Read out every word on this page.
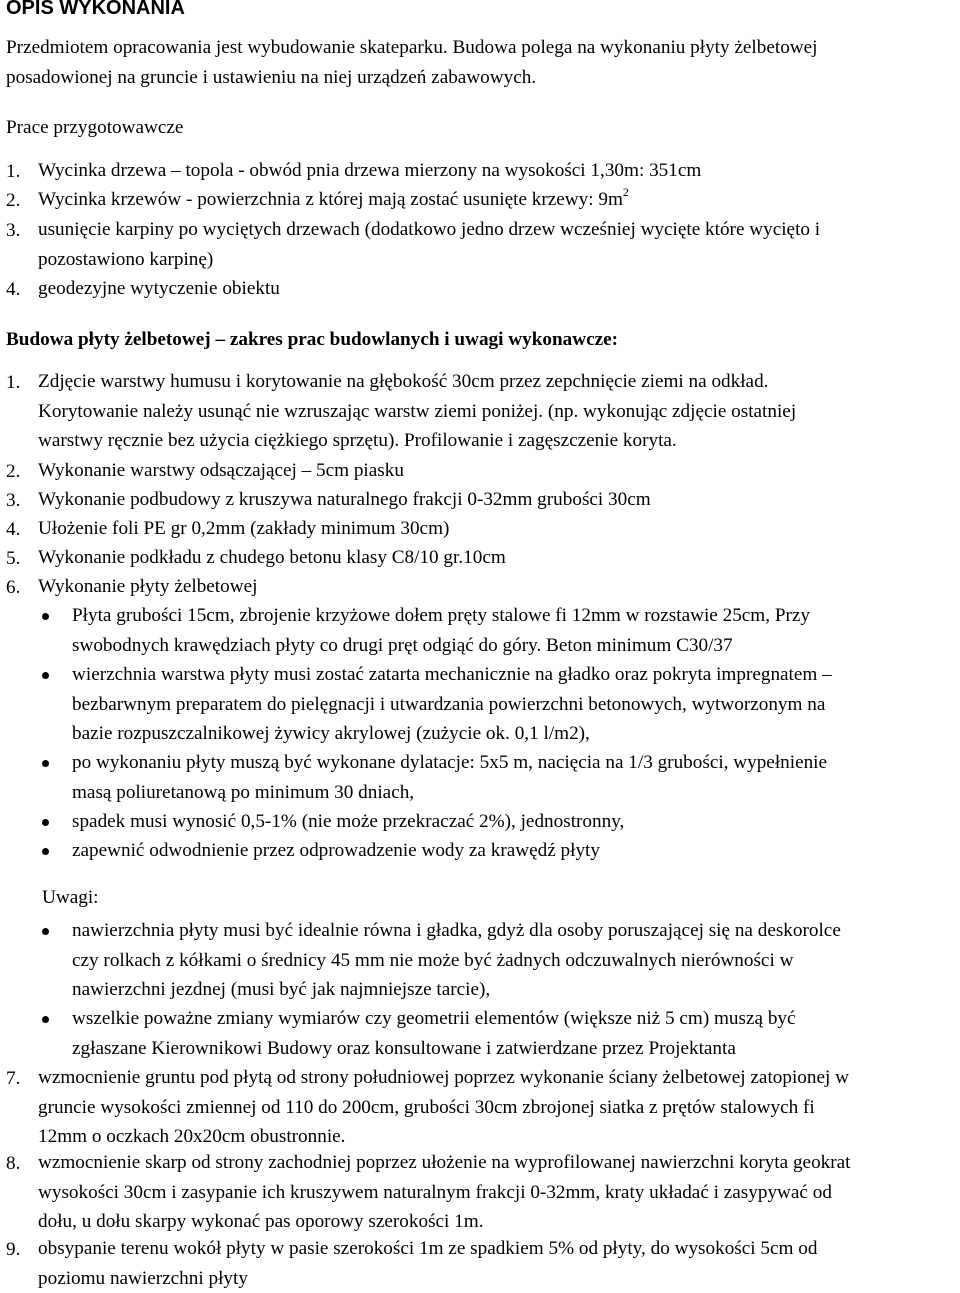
OPIS WYKONANIA
Przedmiotem opracowania jest wybudowanie skateparku. Budowa polega na wykonaniu płyty żelbetowej
posadowionej na gruncie i ustawieniu na niej urządzeń zabawowych.
Prace przygotowawcze
1. Wycinka drzewa – topola - obwód pnia drzewa mierzony na wysokości 1,30m: 351cm
2. Wycinka krzewów - powierzchnia z której mają zostać usunięte krzewy: $9m^2$
3. usunięcie karpiny po wyciętych drzewach (dodatkowo jedno drzew wcześniej wycięte które wycięto i
pozostawiono karpinę)
4. geodezyjne wytyczenie obiektu
Budowa płyty żelbetowej – zakres prac budowlanych i uwagi wykonawcze:
1. Zdjęcie warstwy humusu i korytowanie na głębokość 30cm przez zepchnięcie ziemi na odkład.
Korytowanie należy usunąć nie wzruszając warstw ziemi poniżej. (np. wykonując zdjęcie ostatniej
warstwy ręcznie bez użycia ciężkiego sprzętu). Profilowanie i zagęszczenie koryta.
2. Wykonanie warstwy odsączającej – 5cm piasku
3. Wykonanie podbudowy z kruszywa naturalnego frakcji 0-32mm grubości 30cm
4. Ułożenie foli PE gr 0,2mm (zakłady minimum 30cm)
5. Wykonanie podkładu z chudego betonu klasy C8/10 gr.10cm
6. Wykonanie płyty żelbetowej
Płyta grubości 15cm, zbrojenie krzyżowe dołem pręty stalowe fi 12mm w rozstawie 25cm, Przy
swobodnych krawędziach płyty co drugi pręt odgiąć do góry. Beton minimum C30/37
wierzchnia warstwa płyty musi zostać zatarta mechanicznie na gładko oraz pokryta impregnatem –
bezbarwnym preparatem do pielęgnacji i utwardzania powierzchni betonowych, wytworzonym na
bazie rozpuszczalnikowej żywicy akrylowej (zużycie ok. 0,1 l/m2),
po wykonaniu płyty muszą być wykonane dylatacje: 5x5 m, nacięcia na 1/3 grubości, wypełnienie
masą poliuretanową po minimum 30 dniach,
spadek musi wynosić 0,5-1% (nie może przekraczać 2%), jednostronny,
zapewnić odwodnienie przez odprowadzenie wody za krawędź płyty
Uwagi:
nawierzchnia płyty musi być idealnie równa i gładka, gdyż dla osoby poruszającej się na deskorolce
czy rolkach z kółkami o średnicy 45 mm nie może być żadnych odczuwalnych nierówności w
nawierzchni jezdnej (musi być jak najmniejsze tarcie),
wszelkie poważne zmiany wymiarów czy geometrii elementów (większe niż 5 cm) muszą być
zgłaszane Kierownikowi Budowy oraz konsultowane i zatwierdzane przez Projektanta
7. wzmocnienie gruntu pod płytą od strony południowej poprzez wykonanie ściany żelbetowej zatopionej w
gruncie wysokości zmiennej od 110 do 200cm, grubości 30cm zbrojonej siatka z prętów stalowych fi
12mm o oczkach 20x20cm obustronnie.
8. wzmocnienie skarp od strony zachodniej poprzez ułożenie na wyprofilowanej nawierzchni koryta geokrat
wysokości 30cm i zasypanie ich kruszywem naturalnym frakcji 0-32mm, kraty układać i zasypywać od
dołu, u dołu skarpy wykonać pas oporowy szerokości 1m.
9. obsypanie terenu wokół płyty w pasie szerokości 1m ze spadkiem 5% od płyty, do wysokości 5cm od
poziomu nawierzchni płyty
